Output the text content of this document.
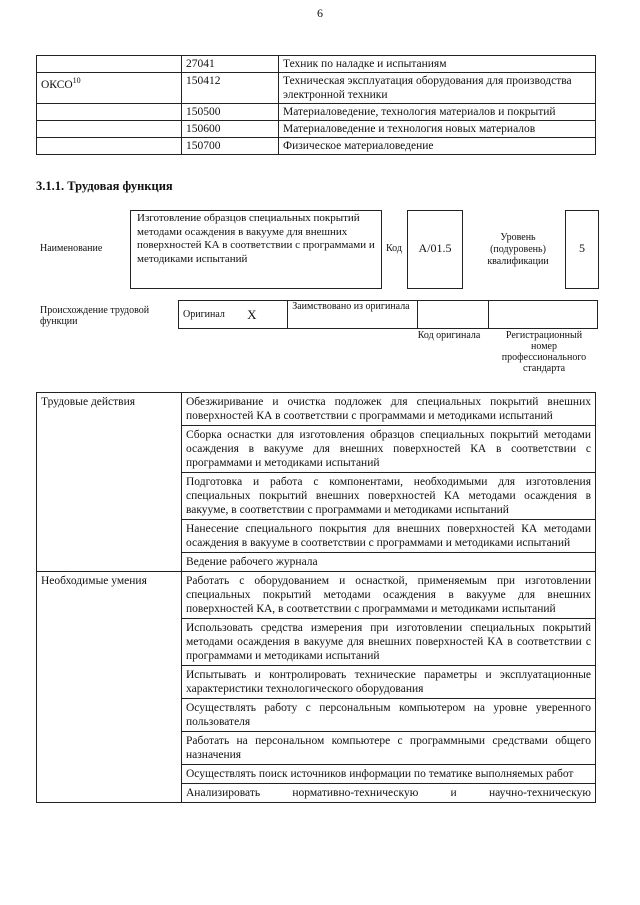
6
	27041	Техник по наладке и испытаниям
ОКСО$^{10}$	150412	Техническая эксплуатация оборудования для производства электронной техники
	150500	Материаловедение, технология материалов и покрытий
	150600	Материаловедение и технология новых материалов
	150700	Физическое материаловедение
3.1.1. Трудовая функция
Наименование
Изготовление образцов специальных покрытий методами осаждения в вакууме для внешних поверхностей КА в соответствии с программами и методиками испытаний
Код	A/01.5
Уровень (подуровень) квалификации
5
Происхождение трудовой функции
Оригинал	X	Заимствовано из оригинала		
Код оригинала	Регистрационный номер профессионального стандарта
Трудовые действия	Обезжиривание и очистка подложек для специальных покрытий внешних поверхностей КА в соответствии с программами и методиками испытаний
	Сборка оснастки для изготовления образцов специальных покрытий методами осаждения в вакууме для внешних поверхностей КА в соответствии с программами и методиками испытаний
	Подготовка и работа с компонентами, необходимыми для изготовления специальных покрытий внешних поверхностей КА методами осаждения в вакууме, в соответствии с программами и методиками испытаний
	Нанесение специального покрытия для внешних поверхностей КА методами осаждения в вакууме в соответствии с программами и методиками испытаний
	Ведение рабочего журнала
Необходимые умения	Работать с оборудованием и оснасткой, применяемым при изготовлении специальных покрытий методами осаждения в вакууме для внешних поверхностей КА, в соответствии с программами и методиками испытаний
	Использовать средства измерения при изготовлении специальных покрытий методами осаждения в вакууме для внешних поверхностей КА в соответствии с программами и методиками испытаний
	Испытывать и контролировать технические параметры и эксплуатационные характеристики технологического оборудования
	Осуществлять работу с персональным компьютером на уровне уверенного пользователя
	Работать на персональном компьютере с программными средствами общего назначения
	Осуществлять поиск источников информации по тематике выполняемых работ
	Анализировать нормативно-техническую и научно-техническую
